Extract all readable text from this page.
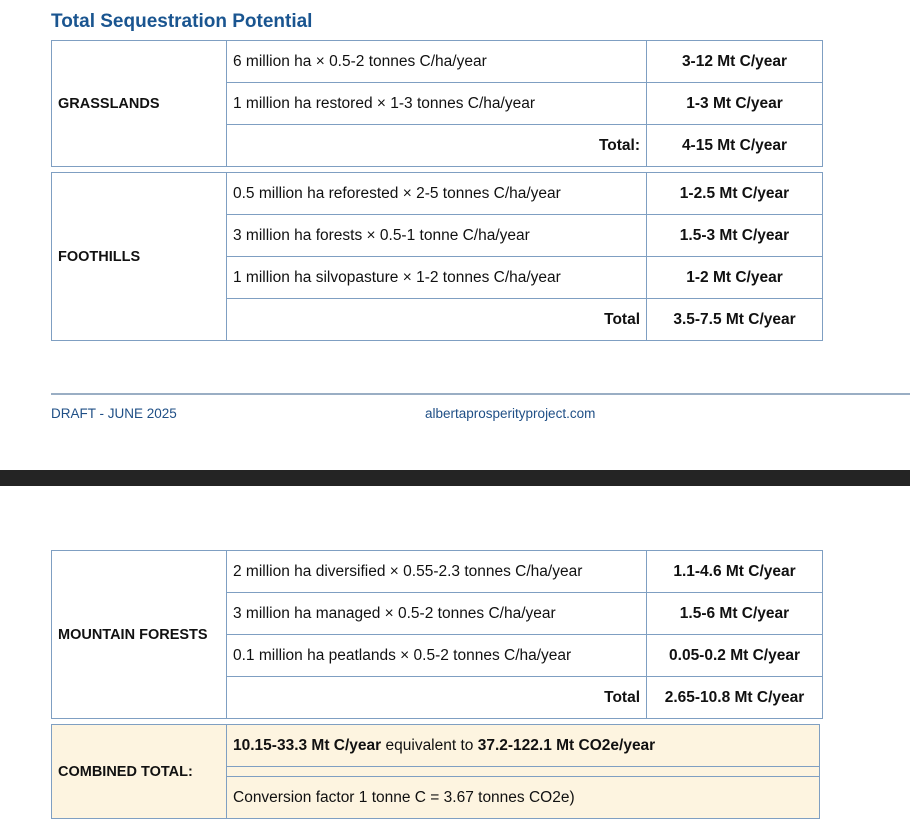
Total Sequestration Potential
GRASSLANDS	6 million ha × 0.5-2 tonnes C/ha/year	3-12 Mt C/year
	1 million ha restored × 1-3 tonnes C/ha/year	1-3 Mt C/year
	Total:	4-15 Mt C/year
FOOTHILLS	0.5 million ha reforested × 2-5 tonnes C/ha/year	1-2.5 Mt C/year
	3 million ha forests × 0.5-1 tonne C/ha/year	1.5-3 Mt C/year
	1 million ha silvopasture × 1-2 tonnes C/ha/year	1-2 Mt C/year
	Total	3.5-7.5 Mt C/year
DRAFT - JUNE 2025	albertaprosperityproject.com
MOUNTAIN FORESTS	2 million ha diversified × 0.55-2.3 tonnes C/ha/year	1.1-4.6 Mt C/year
	3 million ha managed × 0.5-2 tonnes C/ha/year	1.5-6 Mt C/year
	0.1 million ha peatlands × 0.5-2 tonnes C/ha/year	0.05-0.2 Mt C/year
	Total	2.65-10.8 Mt C/year
COMBINED TOTAL:	10.15-33.3 Mt C/year equivalent to 37.2-122.1 Mt CO2e/year

Conversion factor 1 tonne C = 3.67 tonnes CO2e)
